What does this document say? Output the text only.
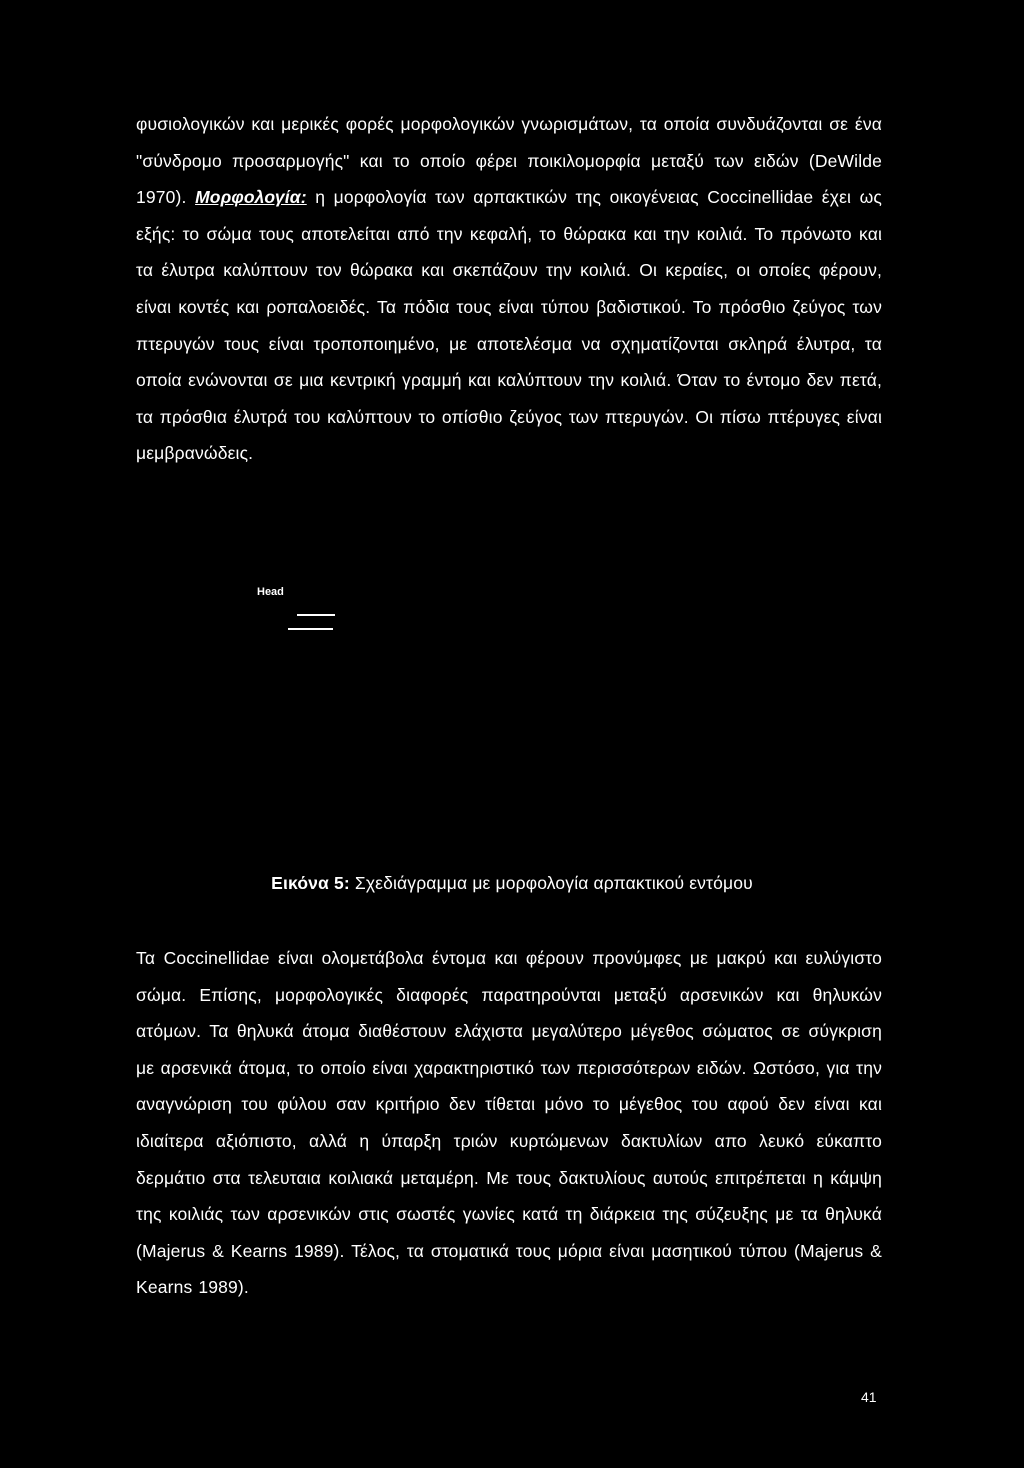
φυσιολογικών και μερικές φορές μορφολογικών γνωρισμάτων, τα οποία συνδυάζονται σε ένα "σύνδρομο προσαρμογής" και το οποίο φέρει ποικιλομορφία μεταξύ των ειδών (DeWilde 1970). Μορφολογία: η μορφολογία των αρπακτικών της οικογένειας Coccinellidae έχει ως εξής: το σώμα τους αποτελείται από την κεφαλή, το θώρακα και την κοιλιά. Το πρόνωτο και τα έλυτρα καλύπτουν τον θώρακα και σκεπάζουν την κοιλιά. Οι κεραίες, οι οποίες φέρουν, είναι κοντές και ροπαλοειδές. Τα πόδια τους είναι τύπου βαδιστικού. Το πρόσθιο ζεύγος των πτερυγών τους είναι τροποποιημένο, με αποτελέσμα να σχηματίζονται σκληρά έλυτρα, τα οποία ενώνονται σε μια κεντρική γραμμή και καλύπτουν την κοιλιά. Όταν το έντομο δεν πετά, τα πρόσθια έλυτρά του καλύπτουν το οπίσθιο ζεύγος των πτερυγών. Οι πίσω πτέρυγες είναι μεμβρανώδεις.

Head
Εικόνα 5: Σχεδιάγραμμα με μορφολογία αρπακτικού εντόμου

Τα Coccinellidae είναι ολομετάβολα έντομα και φέρουν προνύμφες με μακρύ και ευλύγιστο σώμα. Επίσης, μορφολογικές διαφορές παρατηρούνται μεταξύ αρσενικών και θηλυκών ατόμων. Τα θηλυκά άτομα διαθέστουν ελάχιστα μεγαλύτερο μέγεθος σώματος σε σύγκριση με αρσενικά άτομα, το οποίο είναι χαρακτηριστικό των περισσότερων ειδών. Ωστόσο, για την αναγνώριση του φύλου σαν κριτήριο δεν τίθεται μόνο το μέγεθος του αφού δεν είναι και ιδιαίτερα αξιόπιστο, αλλά η ύπαρξη τριών κυρτώμενων δακτυλίων απο λευκό εύκαπτο δερμάτιο στα τελευταια κοιλιακά μεταμέρη. Με τους δακτυλίους αυτούς επιτρέπεται η κάμψη της κοιλιάς των αρσενικών στις σωστές γωνίες κατά τη διάρκεια της σύζευξης με τα θηλυκά (Majerus & Kearns 1989). Τέλος, τα στοματικά τους μόρια είναι μασητικού τύπου (Majerus & Kearns 1989).

41
